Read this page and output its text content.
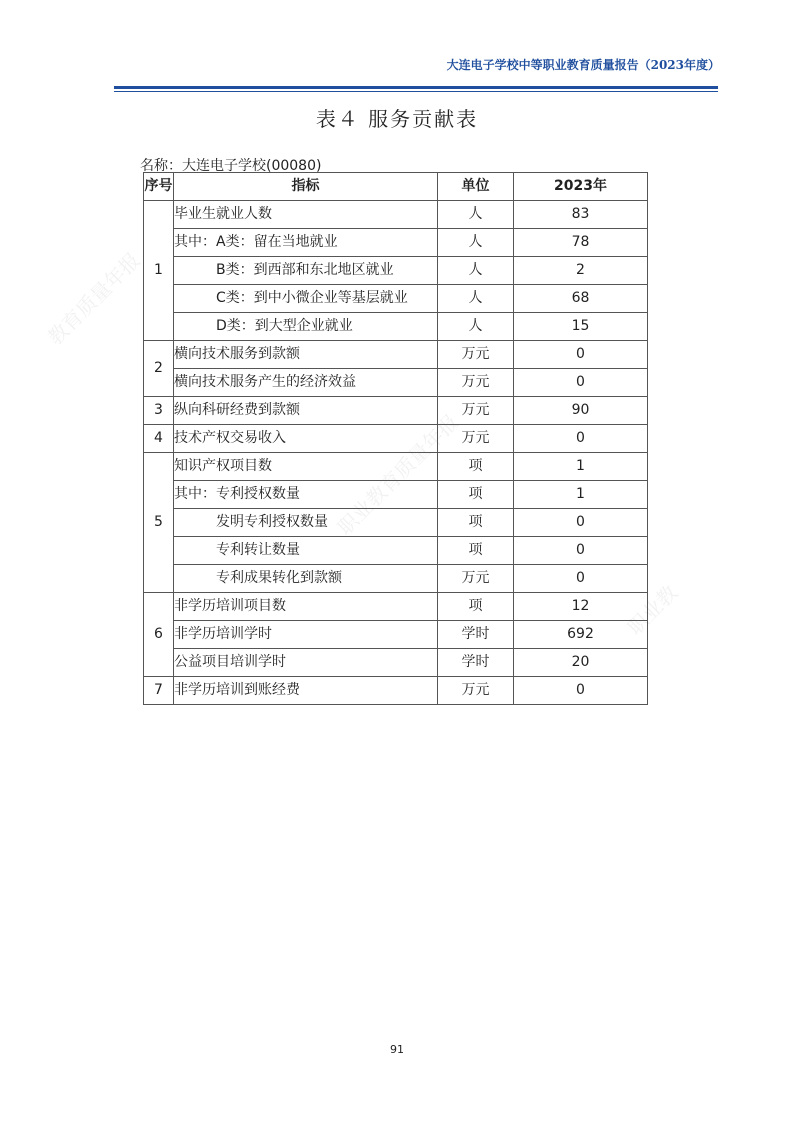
大连电子学校中等职业教育质量报告（2023年度）
教育质量年报
职业教育质量年报
职业教
表４ 服务贡献表
名称：大连电子学校(00080)
序号	指标	单位	2023年
1	毕业生就业人数	人	83
	其中：A类：留在当地就业	人	78
	B类：到西部和东北地区就业	人	2
	C类：到中小微企业等基层就业	人	68
	D类：到大型企业就业	人	15
2	横向技术服务到款额	万元	0
	横向技术服务产生的经济效益	万元	0
3	纵向科研经费到款额	万元	90
4	技术产权交易收入	万元	0
5	知识产权项目数	项	1
	其中：专利授权数量	项	1
	发明专利授权数量	项	0
	专利转让数量	项	0
	专利成果转化到款额	万元	0
6	非学历培训项目数	项	12
	非学历培训学时	学时	692
	公益项目培训学时	学时	20
7	非学历培训到账经费	万元	0
91
